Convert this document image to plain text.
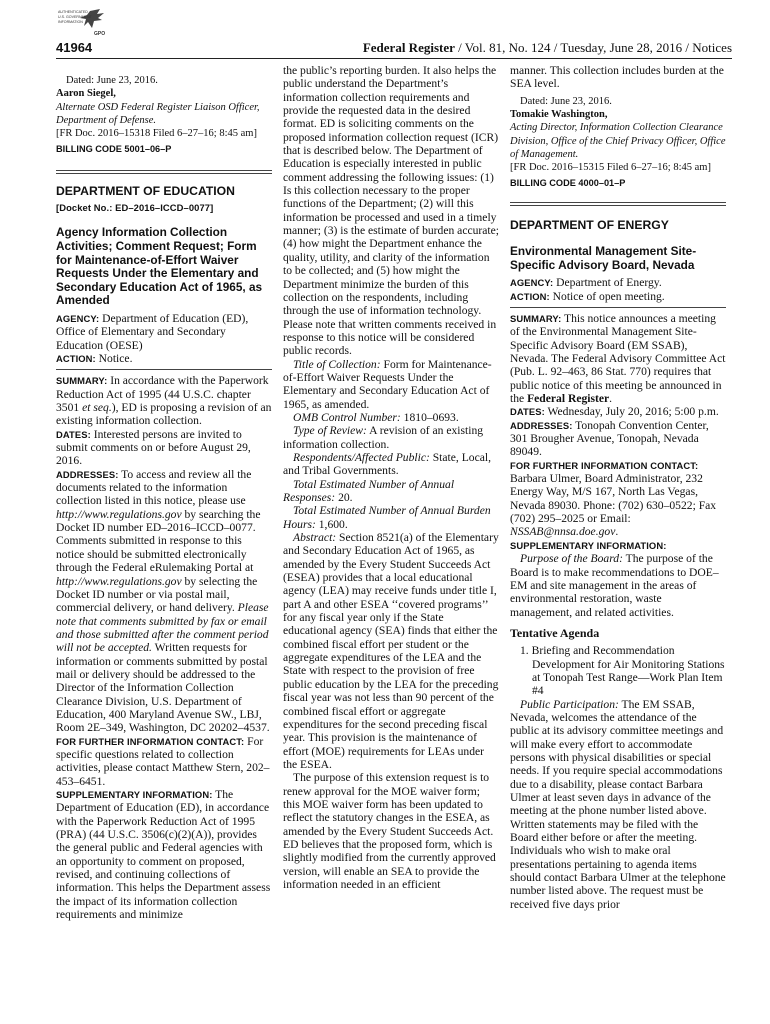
AUTHENTICATED
U.S. GOVERNMENT
INFORMATION
GPO
41964	Federal Register / Vol. 81, No. 124 / Tuesday, June 28, 2016 / Notices

Dated: June 23, 2016.

Aaron Siegel,

Alternate OSD Federal Register Liaison Officer, Department of Defense.

[FR Doc. 2016–15318 Filed 6–27–16; 8:45 am]

BILLING CODE 5001–06–P

DEPARTMENT OF EDUCATION

[Docket No.: ED–2016–ICCD–0077]

Agency Information Collection Activities; Comment Request; Form for Maintenance-of-Effort Waiver Requests Under the Elementary and Secondary Education Act of 1965, as Amended

AGENCY: Department of Education (ED), Office of Elementary and Secondary Education (OESE)

ACTION: Notice.

SUMMARY: In accordance with the Paperwork Reduction Act of 1995 (44 U.S.C. chapter 3501 et seq.), ED is proposing a revision of an existing information collection.

DATES: Interested persons are invited to submit comments on or before August 29, 2016.

ADDRESSES: To access and review all the documents related to the information collection listed in this notice, please use http://www.regulations.gov by searching the Docket ID number ED–2016–ICCD–0077. Comments submitted in response to this notice should be submitted electronically through the Federal eRulemaking Portal at http://www.regulations.gov by selecting the Docket ID number or via postal mail, commercial delivery, or hand delivery. Please note that comments submitted by fax or email and those submitted after the comment period will not be accepted. Written requests for information or comments submitted by postal mail or delivery should be addressed to the Director of the Information Collection Clearance Division, U.S. Department of Education, 400 Maryland Avenue SW., LBJ, Room 2E–349, Washington, DC 20202–4537.

FOR FURTHER INFORMATION CONTACT: For specific questions related to collection activities, please contact Matthew Stern, 202–453–6451.

SUPPLEMENTARY INFORMATION: The Department of Education (ED), in accordance with the Paperwork Reduction Act of 1995 (PRA) (44 U.S.C. 3506(c)(2)(A)), provides the general public and Federal agencies with an opportunity to comment on proposed, revised, and continuing collections of information. This helps the Department assess the impact of its information collection requirements and minimize

the public’s reporting burden. It also helps the public understand the Department’s information collection requirements and provide the requested data in the desired format. ED is soliciting comments on the proposed information collection request (ICR) that is described below. The Department of Education is especially interested in public comment addressing the following issues: (1) Is this collection necessary to the proper functions of the Department; (2) will this information be processed and used in a timely manner; (3) is the estimate of burden accurate; (4) how might the Department enhance the quality, utility, and clarity of the information to be collected; and (5) how might the Department minimize the burden of this collection on the respondents, including through the use of information technology. Please note that written comments received in response to this notice will be considered public records.

Title of Collection: Form for Maintenance-of-Effort Waiver Requests Under the Elementary and Secondary Education Act of 1965, as amended.

OMB Control Number: 1810–0693.

Type of Review: A revision of an existing information collection.

Respondents/Affected Public: State, Local, and Tribal Governments.

Total Estimated Number of Annual Responses: 20.

Total Estimated Number of Annual Burden Hours: 1,600.

Abstract: Section 8521(a) of the Elementary and Secondary Education Act of 1965, as amended by the Every Student Succeeds Act (ESEA) provides that a local educational agency (LEA) may receive funds under title I, part A and other ESEA ‘‘covered programs’’ for any fiscal year only if the State educational agency (SEA) finds that either the combined fiscal effort per student or the aggregate expenditures of the LEA and the State with respect to the provision of free public education by the LEA for the preceding fiscal year was not less than 90 percent of the combined fiscal effort or aggregate expenditures for the second preceding fiscal year. This provision is the maintenance of effort (MOE) requirements for LEAs under the ESEA.

The purpose of this extension request is to renew approval for the MOE waiver form; this MOE waiver form has been updated to reflect the statutory changes in the ESEA, as amended by the Every Student Succeeds Act. ED believes that the proposed form, which is slightly modified from the currently approved version, will enable an SEA to provide the information needed in an efficient

manner. This collection includes burden at the SEA level.

Dated: June 23, 2016.

Tomakie Washington,

Acting Director, Information Collection Clearance Division, Office of the Chief Privacy Officer, Office of Management.

[FR Doc. 2016–15315 Filed 6–27–16; 8:45 am]

BILLING CODE 4000–01–P

DEPARTMENT OF ENERGY

Environmental Management Site-Specific Advisory Board, Nevada

AGENCY: Department of Energy.

ACTION: Notice of open meeting.

SUMMARY: This notice announces a meeting of the Environmental Management Site-Specific Advisory Board (EM SSAB), Nevada. The Federal Advisory Committee Act (Pub. L. 92–463, 86 Stat. 770) requires that public notice of this meeting be announced in the Federal Register.

DATES: Wednesday, July 20, 2016; 5:00 p.m.

ADDRESSES: Tonopah Convention Center, 301 Brougher Avenue, Tonopah, Nevada 89049.

FOR FURTHER INFORMATION CONTACT:

Barbara Ulmer, Board Administrator, 232 Energy Way, M/S 167, North Las Vegas, Nevada 89030. Phone: (702) 630–0522; Fax (702) 295–2025 or Email: NSSAB@nnsa.doe.gov.

SUPPLEMENTARY INFORMATION:

Purpose of the Board: The purpose of the Board is to make recommendations to DOE–EM and site management in the areas of environmental restoration, waste management, and related activities.

Tentative Agenda

1. Briefing and Recommendation Development for Air Monitoring Stations at Tonopah Test Range—Work Plan Item #4

Public Participation: The EM SSAB, Nevada, welcomes the attendance of the public at its advisory committee meetings and will make every effort to accommodate persons with physical disabilities or special needs. If you require special accommodations due to a disability, please contact Barbara Ulmer at least seven days in advance of the meeting at the phone number listed above. Written statements may be filed with the Board either before or after the meeting. Individuals who wish to make oral presentations pertaining to agenda items should contact Barbara Ulmer at the telephone number listed above. The request must be received five days prior
